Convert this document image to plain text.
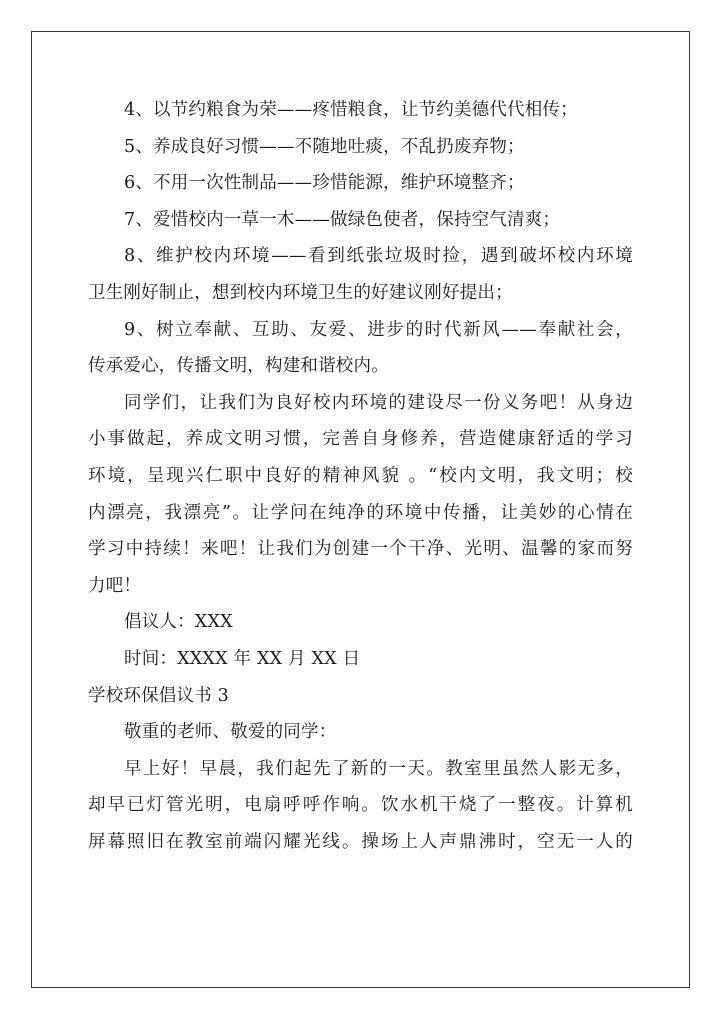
4、以节约粮食为荣——疼惜粮食，让节约美德代代相传；
5、养成良好习惯——不随地吐痰，不乱扔废弃物；
6、不用一次性制品——珍惜能源，维护环境整齐；
7、爱惜校内一草一木——做绿色使者，保持空气清爽；
8、维护校内环境——看到纸张垃圾时捡，遇到破坏校内环境
卫生刚好制止，想到校内环境卫生的好建议刚好提出；
9、树立奉献、互助、友爱、进步的时代新风——奉献社会，
传承爱心，传播文明，构建和谐校内。
同学们，让我们为良好校内环境的建设尽一份义务吧！从身边
小事做起，养成文明习惯，完善自身修养，营造健康舒适的学习
环境，呈现兴仁职中良好的精神风貌 。“校内文明，我文明；校
内漂亮，我漂亮”。让学问在纯净的环境中传播，让美妙的心情在
学习中持续！来吧！让我们为创建一个干净、光明、温馨的家而努
力吧！
倡议人：XXX
时间：XXXX 年 XX 月 XX 日
学校环保倡议书 3
敬重的老师、敬爱的同学：
早上好！早晨，我们起先了新的一天。教室里虽然人影无多，
却早已灯管光明，电扇呼呼作响。饮水机干烧了一整夜。计算机
屏幕照旧在教室前端闪耀光线。操场上人声鼎沸时，空无一人的
